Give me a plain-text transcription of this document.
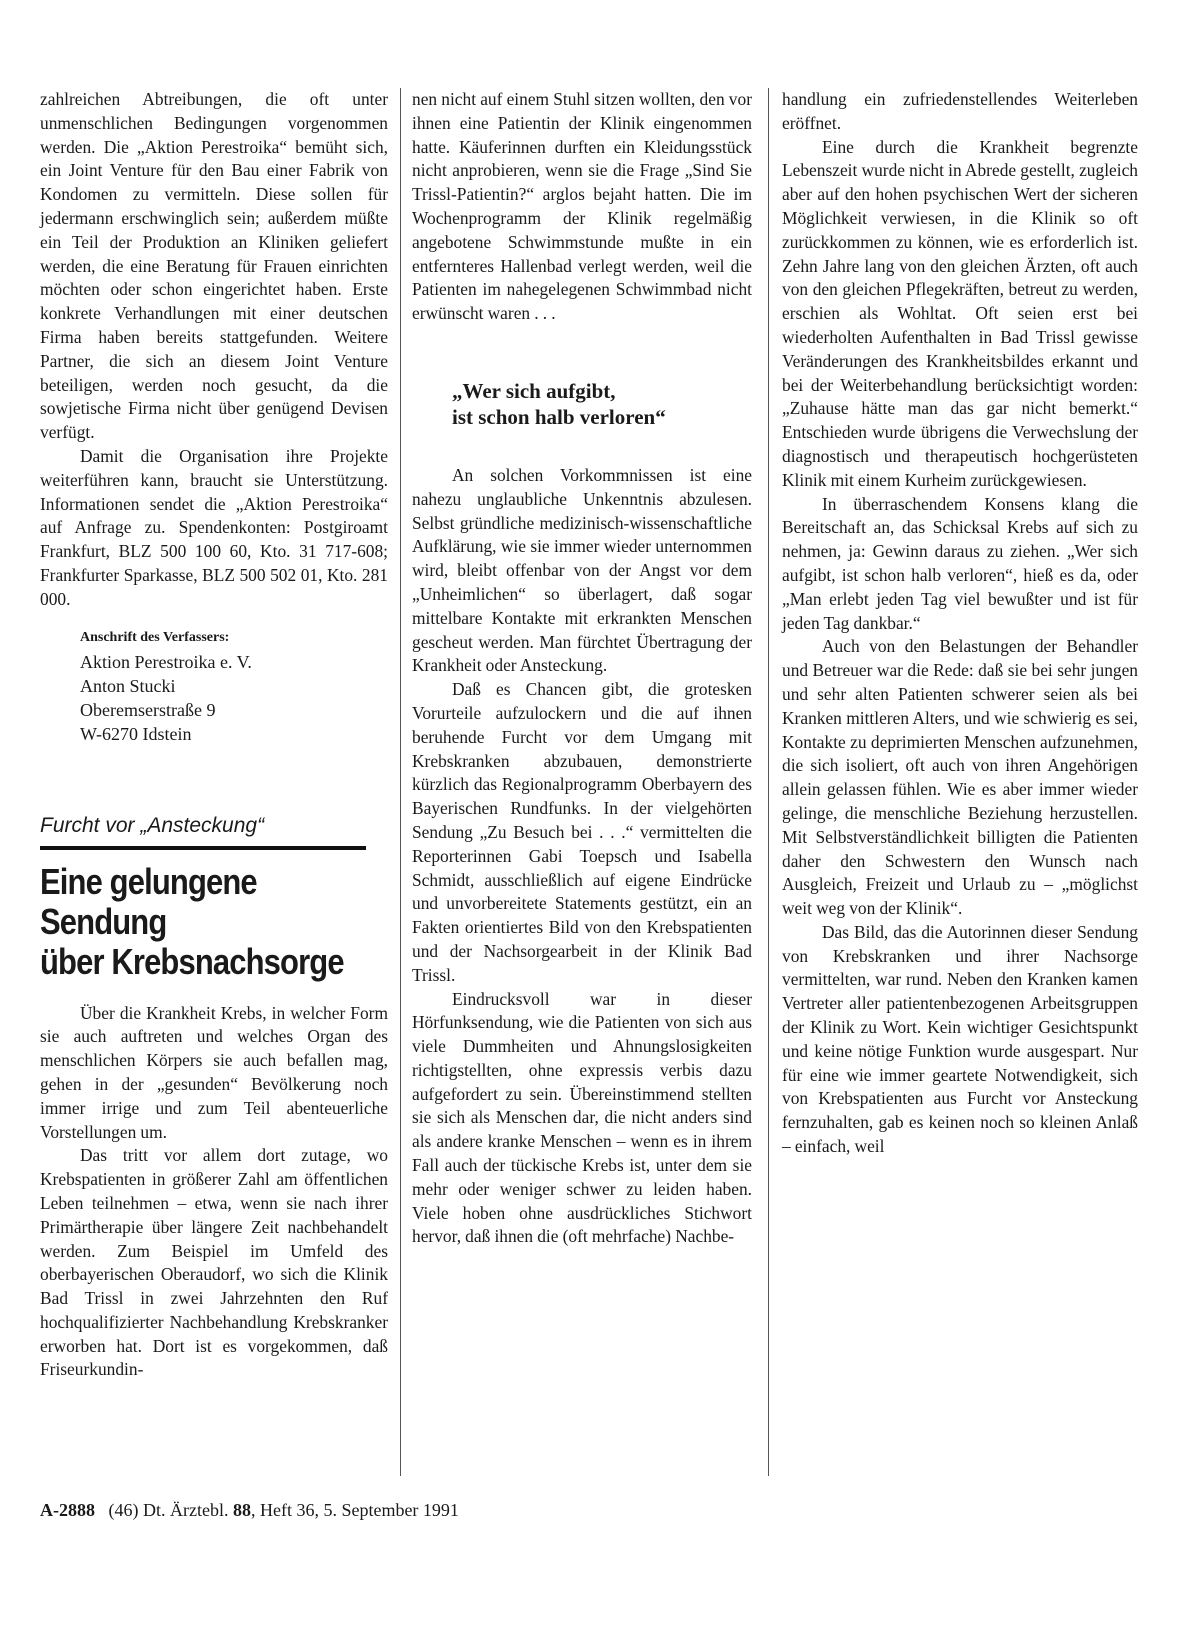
zahlreichen Abtreibungen, die oft unter unmenschlichen Bedingungen vorgenommen werden. Die „Aktion Perestroika“ bemüht sich, ein Joint Venture für den Bau einer Fabrik von Kondomen zu vermitteln. Diese sollen für jedermann erschwinglich sein; außerdem müßte ein Teil der Produktion an Kliniken geliefert werden, die eine Beratung für Frauen einrichten möchten oder schon eingerichtet haben. Erste konkrete Verhandlungen mit einer deutschen Firma haben bereits stattgefunden. Weitere Partner, die sich an diesem Joint Venture beteiligen, werden noch gesucht, da die sowjetische Firma nicht über genügend Devisen verfügt.

Damit die Organisation ihre Projekte weiterführen kann, braucht sie Unterstützung. Informationen sendet die „Aktion Perestroika“ auf Anfrage zu. Spendenkonten: Postgiroamt Frankfurt, BLZ 500 100 60, Kto. 31 717-608; Frankfurter Sparkasse, BLZ 500 502 01, Kto. 281 000.

Anschrift des Verfassers:
Aktion Perestroika e. V.
Anton Stucki
Oberemserstraße 9
W-6270 Idstein
Furcht vor „Ansteckung“
Eine gelungene Sendung
über Krebsnachsorge

Über die Krankheit Krebs, in welcher Form sie auch auftreten und welches Organ des menschlichen Körpers sie auch befallen mag, gehen in der „gesunden“ Bevölkerung noch immer irrige und zum Teil abenteuerliche Vorstellungen um.

Das tritt vor allem dort zutage, wo Krebspatienten in größerer Zahl am öffentlichen Leben teilnehmen – etwa, wenn sie nach ihrer Primärtherapie über längere Zeit nachbehandelt werden. Zum Beispiel im Umfeld des oberbayerischen Oberaudorf, wo sich die Klinik Bad Trissl in zwei Jahrzehnten den Ruf hochqualifizierter Nachbehandlung Krebskranker erworben hat. Dort ist es vorgekommen, daß Friseurkundin-

nen nicht auf einem Stuhl sitzen wollten, den vor ihnen eine Patientin der Klinik eingenommen hatte. Käuferinnen durften ein Kleidungsstück nicht anprobieren, wenn sie die Frage „Sind Sie Trissl-Patientin?“ arglos bejaht hatten. Die im Wochenprogramm der Klinik regelmäßig angebotene Schwimmstunde mußte in ein entfernteres Hallenbad verlegt werden, weil die Patienten im nahegelegenen Schwimmbad nicht erwünscht waren . . .

„Wer sich aufgibt,
ist schon halb verloren“

An solchen Vorkommnissen ist eine nahezu unglaubliche Unkenntnis abzulesen. Selbst gründliche medizinisch-wissenschaftliche Aufklärung, wie sie immer wieder unternommen wird, bleibt offenbar von der Angst vor dem „Unheimlichen“ so überlagert, daß sogar mittelbare Kontakte mit erkrankten Menschen gescheut werden. Man fürchtet Übertragung der Krankheit oder Ansteckung.

Daß es Chancen gibt, die grotesken Vorurteile aufzulockern und die auf ihnen beruhende Furcht vor dem Umgang mit Krebskranken abzubauen, demonstrierte kürzlich das Regionalprogramm Oberbayern des Bayerischen Rundfunks. In der vielgehörten Sendung „Zu Besuch bei . . .“ vermittelten die Reporterinnen Gabi Toepsch und Isabella Schmidt, ausschließlich auf eigene Eindrücke und unvorbereitete Statements gestützt, ein an Fakten orientiertes Bild von den Krebspatienten und der Nachsorgearbeit in der Klinik Bad Trissl.

Eindrucksvoll war in dieser Hörfunksendung, wie die Patienten von sich aus viele Dummheiten und Ahnungslosigkeiten richtigstellten, ohne expressis verbis dazu aufgefordert zu sein. Übereinstimmend stellten sie sich als Menschen dar, die nicht anders sind als andere kranke Menschen – wenn es in ihrem Fall auch der tückische Krebs ist, unter dem sie mehr oder weniger schwer zu leiden haben. Viele hoben ohne ausdrückliches Stichwort hervor, daß ihnen die (oft mehrfache) Nachbe-

handlung ein zufriedenstellendes Weiterleben eröffnet.

Eine durch die Krankheit begrenzte Lebenszeit wurde nicht in Abrede gestellt, zugleich aber auf den hohen psychischen Wert der sicheren Möglichkeit verwiesen, in die Klinik so oft zurückkommen zu können, wie es erforderlich ist. Zehn Jahre lang von den gleichen Ärzten, oft auch von den gleichen Pflegekräften, betreut zu werden, erschien als Wohltat. Oft seien erst bei wiederholten Aufenthalten in Bad Trissl gewisse Veränderungen des Krankheitsbildes erkannt und bei der Weiterbehandlung berücksichtigt worden: „Zuhause hätte man das gar nicht bemerkt.“ Entschieden wurde übrigens die Verwechslung der diagnostisch und therapeutisch hochgerüsteten Klinik mit einem Kurheim zurückgewiesen.

In überraschendem Konsens klang die Bereitschaft an, das Schicksal Krebs auf sich zu nehmen, ja: Gewinn daraus zu ziehen. „Wer sich aufgibt, ist schon halb verloren“, hieß es da, oder „Man erlebt jeden Tag viel bewußter und ist für jeden Tag dankbar.“

Auch von den Belastungen der Behandler und Betreuer war die Rede: daß sie bei sehr jungen und sehr alten Patienten schwerer seien als bei Kranken mittleren Alters, und wie schwierig es sei, Kontakte zu deprimierten Menschen aufzunehmen, die sich isoliert, oft auch von ihren Angehörigen allein gelassen fühlen. Wie es aber immer wieder gelinge, die menschliche Beziehung herzustellen. Mit Selbstverständlichkeit billigten die Patienten daher den Schwestern den Wunsch nach Ausgleich, Freizeit und Urlaub zu – „möglichst weit weg von der Klinik“.

Das Bild, das die Autorinnen dieser Sendung von Krebskranken und ihrer Nachsorge vermittelten, war rund. Neben den Kranken kamen Vertreter aller patientenbezogenen Arbeitsgruppen der Klinik zu Wort. Kein wichtiger Gesichtspunkt und keine nötige Funktion wurde ausgespart. Nur für eine wie immer geartete Notwendigkeit, sich von Krebspatienten aus Furcht vor Ansteckung fernzuhalten, gab es keinen noch so kleinen Anlaß – einfach, weil

A-2888 (46) Dt. Ärztebl. 88, Heft 36, 5. September 1991
